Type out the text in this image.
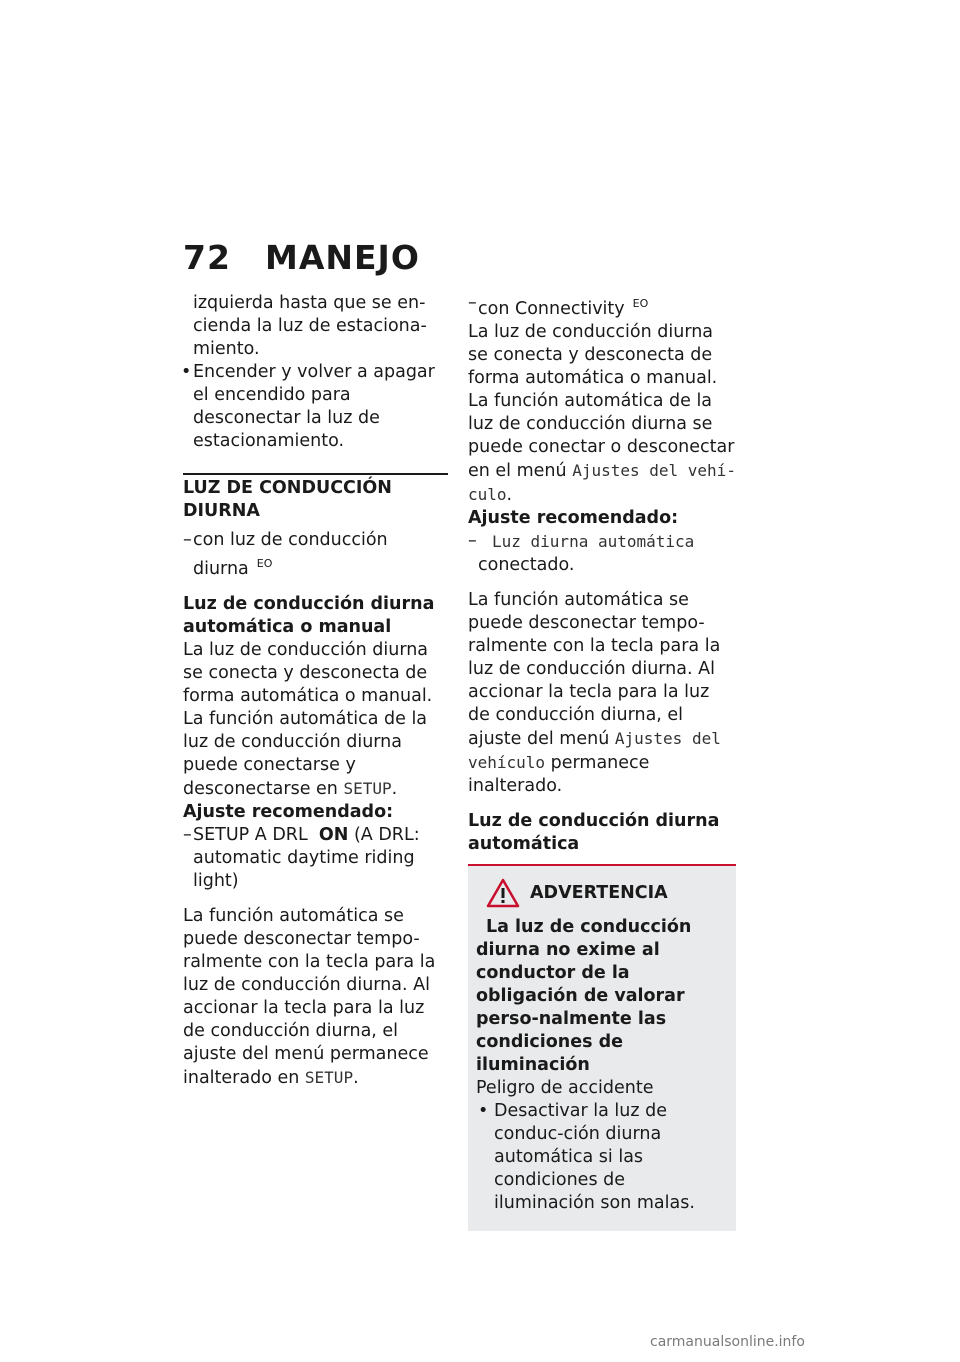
72 MANEJO

izquierda hasta que se en-cienda la luz de estaciona-miento.

• Encender y volver a apagar el encendido para desconectar la luz de estacionamiento.

LUZ DE CONDUCCIÓN DIURNA

– con luz de conducción diurna $^{EO}$

Luz de conducción diurna automática o manual

La luz de conducción diurna se conecta y desconecta de forma automática o manual.

La función automática de la luz de conducción diurna puede conectarse y desconectarse en SETUP.

Ajuste recomendado:

– SETUP A DRL ON (A DRL: automatic daytime riding light)

La función automática se puede desconectar tempo-ralmente con la tecla para la luz de conducción diurna. Al accionar la tecla para la luz de conducción diurna, el ajuste del menú permanece inalterado en SETUP.

– con Connectivity $^{EO}$

La luz de conducción diurna se conecta y desconecta de forma automática o manual.

La función automática de la luz de conducción diurna se puede conectar o desconectar en el menú Ajustes del vehí-culo.

Ajuste recomendado:

– Luz diurna automática conectado.

La función automática se puede desconectar tempo-ralmente con la tecla para la luz de conducción diurna. Al accionar la tecla para la luz de conducción diurna, el ajuste del menú Ajustes del vehículo permanece inalterado.

Luz de conducción diurna automática

ADVERTENCIA

La luz de conducción diurna no exime al conductor de la obligación de valorar perso-nalmente las condiciones de iluminación

Peligro de accidente

• Desactivar la luz de conduc-ción diurna automática si las condiciones de iluminación son malas.
carmanualsonline.info
